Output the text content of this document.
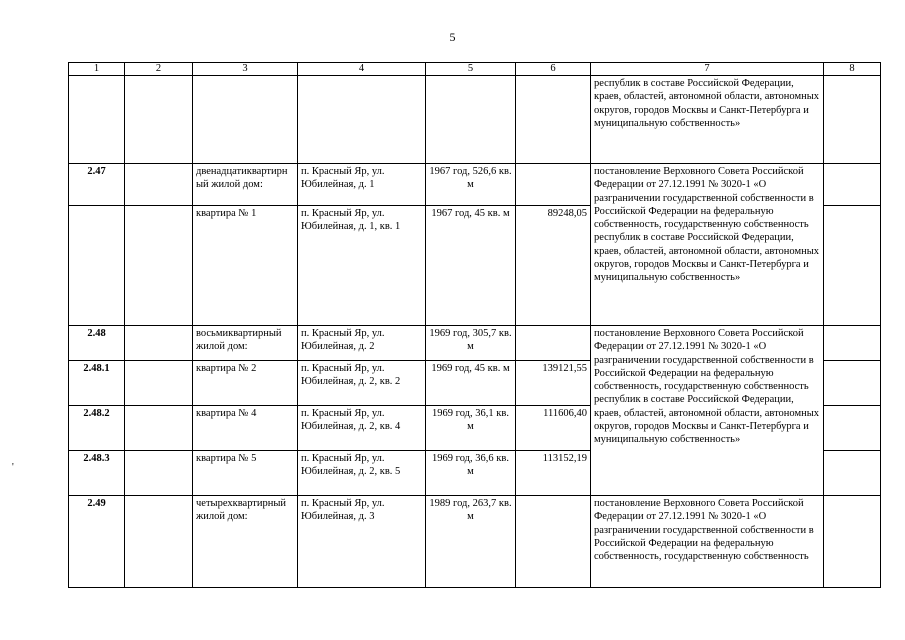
5
'
1	2	3	4	5	6	7	8
						республик в составе Российской Федерации, краев, областей, автономной области, автономных округов, городов Москвы и Санкт-Петербурга и муниципальную собственность»	
2.47		двенадцатиквартирный жилой дом:	п. Красный Яр, ул. Юбилейная, д. 1	1967 год, 526,6 кв. м		постановление Верховного Совета Российской Федерации от 27.12.1991 № 3020-1 «О разграничении государственной собственности в Российской Федерации на федеральную собственность, государственную собственность республик в составе Российской Федерации, краев, областей, автономной области, автономных округов, городов Москвы и Санкт-Петербурга и муниципальную собственность»	
		квартира № 1	п. Красный Яр, ул. Юбилейная, д. 1, кв. 1	1967 год, 45 кв. м	89248,05		
2.48		восьмиквартирный жилой дом:	п. Красный Яр, ул. Юбилейная, д. 2	1969 год, 305,7 кв. м		постановление Верховного Совета Российской Федерации от 27.12.1991 № 3020-1 «О разграничении государственной собственности в Российской Федерации на федеральную собственность, государственную собственность республик в составе Российской Федерации, краев, областей, автономной области, автономных округов, городов Москвы и Санкт-Петербурга и муниципальную собственность»	
2.48.1		квартира № 2	п. Красный Яр, ул. Юбилейная, д. 2, кв. 2	1969 год, 45 кв. м	139121,55		
2.48.2		квартира № 4	п. Красный Яр, ул. Юбилейная, д. 2, кв. 4	1969 год, 36,1 кв. м	111606,40		
2.48.3		квартира № 5	п. Красный Яр, ул. Юбилейная, д. 2, кв. 5	1969 год, 36,6 кв. м	113152,19		
2.49		четырехквартирный жилой дом:	п. Красный Яр, ул. Юбилейная, д. 3	1989 год, 263,7 кв. м		постановление Верховного Совета Российской Федерации от 27.12.1991 № 3020-1 «О разграничении государственной собственности в Российской Федерации на федеральную собственность, государственную собственность	
